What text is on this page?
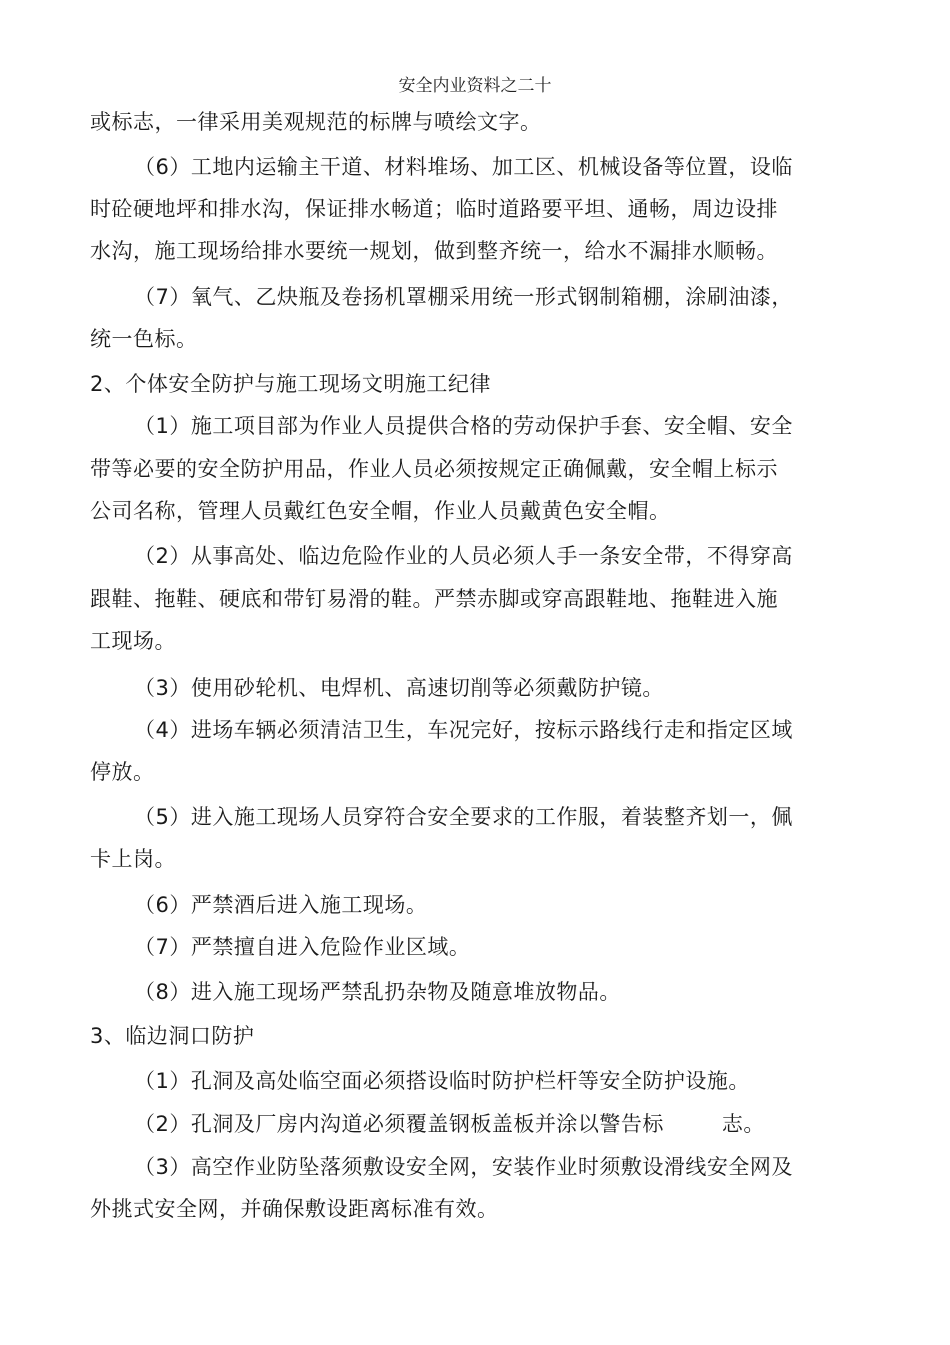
安全内业资料之二十
或标志，一律采用美观规范的标牌与喷绘文字。
（6）工地内运输主干道、材料堆场、加工区、机械设备等位置，设临
时砼硬地坪和排水沟，保证排水畅道；临时道路要平坦、通畅，周边设排
水沟，施工现场给排水要统一规划，做到整齐统一，给水不漏排水顺畅。
（7）氧气、乙炔瓶及卷扬机罩棚采用统一形式钢制箱棚，涂刷油漆，
统一色标。
2、个体安全防护与施工现场文明施工纪律
（1）施工项目部为作业人员提供合格的劳动保护手套、安全帽、安全
带等必要的安全防护用品，作业人员必须按规定正确佩戴，安全帽上标示
公司名称，管理人员戴红色安全帽，作业人员戴黄色安全帽。
（2）从事高处、临边危险作业的人员必须人手一条安全带，不得穿高
跟鞋、拖鞋、硬底和带钉易滑的鞋。严禁赤脚或穿高跟鞋地、拖鞋进入施
工现场。
（3）使用砂轮机、电焊机、高速切削等必须戴防护镜。
（4）进场车辆必须清洁卫生，车况完好，按标示路线行走和指定区域
停放。
（5）进入施工现场人员穿符合安全要求的工作服，着装整齐划一，佩
卡上岗。
（6）严禁酒后进入施工现场。
（7）严禁擅自进入危险作业区域。
（8）进入施工现场严禁乱扔杂物及随意堆放物品。
3、临边洞口防护
（1）孔洞及高处临空面必须搭设临时防护栏杆等安全防护设施。
（2）孔洞及厂房内沟道必须覆盖钢板盖板并涂以警告标	志。
（3）高空作业防坠落须敷设安全网，安装作业时须敷设滑线安全网及
外挑式安全网，并确保敷设距离标准有效。
